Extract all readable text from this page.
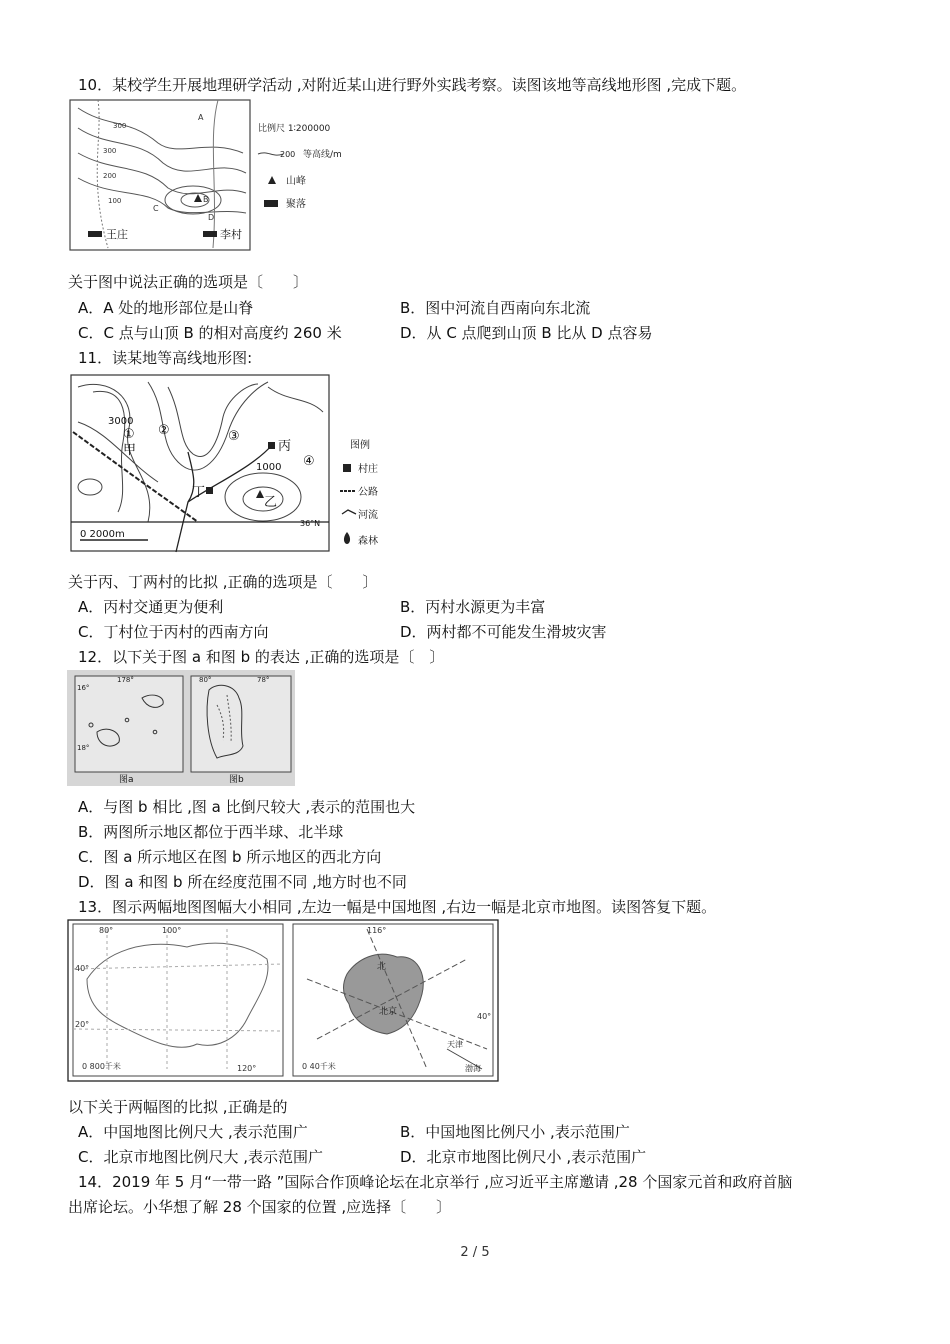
10．某校学生开展地理研学活动 ,对附近某山进行野外实践考察。读图该地等高线地形图 ,完成下题。
300
300
200
100
A
B
C
D
王庄	李村
比例尺 1∶200000
200 等高线/m
山峰
聚落
关于图中说法正确的选项是〔　　〕
A．A 处的地形部位是山脊	B．图中河流自西南向东北流
C．C 点与山顶 B 的相对高度约 260 米	D．从 C 点爬到山顶 B 比从 D 点容易
11．读某地等高线地形图:
3000
1000
① ②	③
④
甲	丙
丁
乙
36°N
0 2000m
图例
村庄
公路
河流
森林
关于丙、丁两村的比拟 ,正确的选项是〔　　〕
A．丙村交通更为便利	B．丙村水源更为丰富
C．丁村位于丙村的西南方向	D．两村都不可能发生滑坡灾害
12．以下关于图 a 和图 b 的表达 ,正确的选项是〔　〕
178°
16°
18°
80°	78°
图a	图b
A．与图 b 相比 ,图 a 比倒尺较大 ,表示的范围也大
B．两图所示地区都位于西半球、北半球
C．图 a 所示地区在图 b 所示地区的西北方向
D．图 a 和图 b 所在经度范围不同 ,地方时也不同
13．图示两幅地图图幅大小相同 ,左边一幅是中国地图 ,右边一幅是北京市地图。读图答复下题。
80°	100°
120°
40°
20°
0 800千米
116°
40°
0 40千米
北
北京
天津
渤海
以下关于两幅图的比拟 ,正确是的
A．中国地图比例尺大 ,表示范围广	B．中国地图比例尺小 ,表示范围广
C．北京市地图比例尺大 ,表示范围广	D．北京市地图比例尺小 ,表示范围广
14．2019 年 5 月“一带一路 ”国际合作顶峰论坛在北京举行 ,应习近平主席邀请 ,28 个国家元首和政府首脑
出席论坛。小华想了解 28 个国家的位置 ,应选择〔　　〕
2 / 5
